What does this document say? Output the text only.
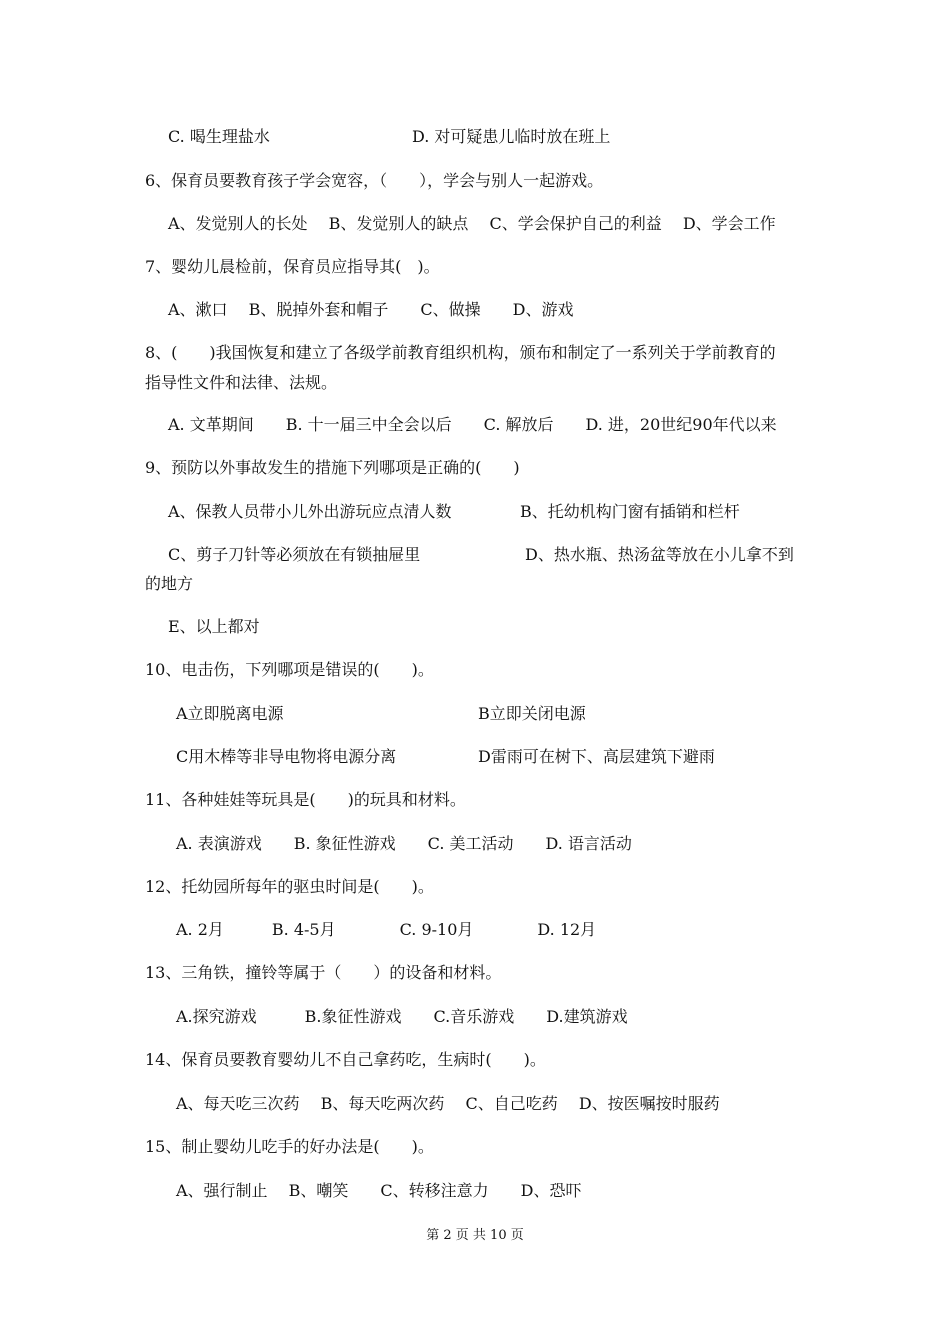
C. 喝生理盐水	D. 对可疑患儿临时放在班上
6、保育员要教育孩子学会宽容，（　　），学会与别人一起游戏。
A、发觉别人的长处　 B、发觉别人的缺点　 C、学会保护自己的利益　 D、学会工作
7、婴幼儿晨检前，保育员应指导其(　)。
A、漱口　 B、脱掉外套和帽子　　C、做操　　D、游戏
8、(　　)我国恢复和建立了各级学前教育组织机构，颁布和制定了一系列关于学前教育的
指导性文件和法律、法规。
A. 文革期间　　B. 十一届三中全会以后　　C. 解放后　　D. 进，20世纪90年代以来
9、预防以外事故发生的措施下列哪项是正确的(　　)
A、保教人员带小儿外出游玩应点清人数	B、托幼机构门窗有插销和栏杆
C、剪子刀针等必须放在有锁抽屉里	D、热水瓶、热汤盆等放在小儿拿不到
的地方
E、以上都对
10、电击伤，下列哪项是错误的(　　)。
A立即脱离电源	B立即关闭电源
C用木棒等非导电物将电源分离	D雷雨可在树下、高层建筑下避雨
11、各种娃娃等玩具是(　　)的玩具和材料。
A. 表演游戏　　B. 象征性游戏　　C. 美工活动　　D. 语言活动
12、托幼园所每年的驱虫时间是(　　)。
A. 2月　　　B. 4-5月　　　　C. 9-10月　　　　D. 12月
13、三角铁，撞铃等属于（　　）的设备和材料。
A.探究游戏　　　B.象征性游戏　　C.音乐游戏　　D.建筑游戏
14、保育员要教育婴幼儿不自己拿药吃，生病时(　　)。
A、每天吃三次药　 B、每天吃两次药　 C、自己吃药　 D、按医嘱按时服药
15、制止婴幼儿吃手的好办法是(　　)。
A、强行制止　 B、嘲笑　　C、转移注意力　　D、恐吓
第 2 页 共 10 页
